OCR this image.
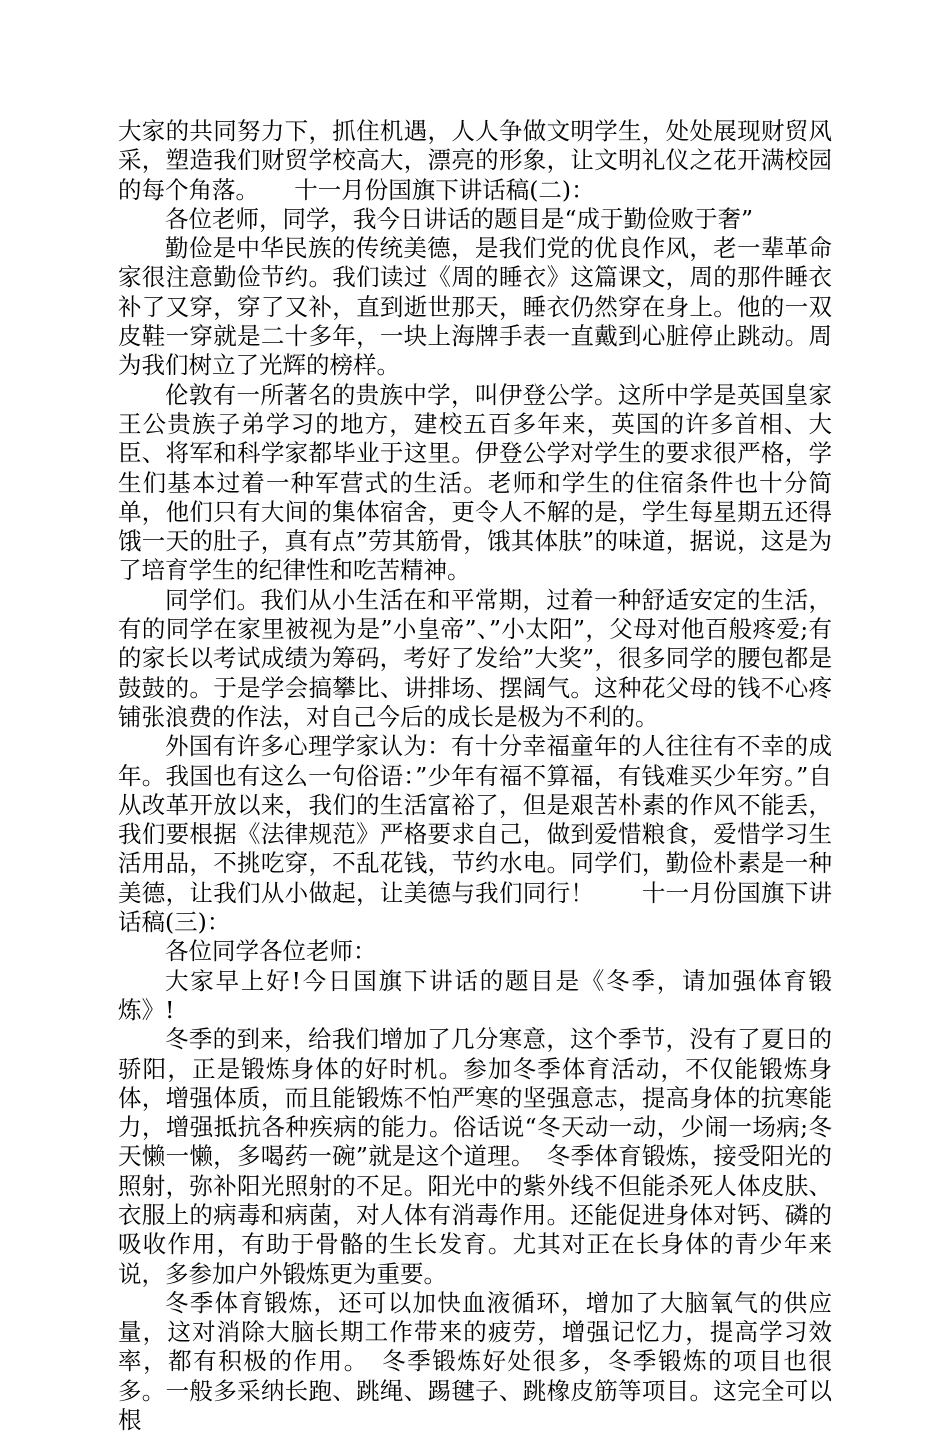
大家的共同努力下，抓住机遇，人人争做文明学生，处处展现财贸风采，塑造我们财贸学校高大，漂亮的形象，让文明礼仪之花开满校园的每个角落。　　十一月份国旗下讲话稿(二)：

各位老师，同学，我今日讲话的题目是“成于勤俭败于奢”

勤俭是中华民族的传统美德，是我们党的优良作风，老一辈革命家很注意勤俭节约。我们读过《周的睡衣》这篇课文，周的那件睡衣补了又穿，穿了又补，直到逝世那天，睡衣仍然穿在身上。他的一双皮鞋一穿就是二十多年，一块上海牌手表一直戴到心脏停止跳动。周为我们树立了光辉的榜样。

伦敦有一所著名的贵族中学，叫伊登公学。这所中学是英国皇家王公贵族子弟学习的地方，建校五百多年来，英国的许多首相、大臣、将军和科学家都毕业于这里。伊登公学对学生的要求很严格，学生们基本过着一种军营式的生活。老师和学生的住宿条件也十分简单，他们只有大间的集体宿舍，更令人不解的是，学生每星期五还得饿一天的肚子，真有点”劳其筋骨，饿其体肤”的味道，据说，这是为了培育学生的纪律性和吃苦精神。

同学们。我们从小生活在和平常期，过着一种舒适安定的生活，有的同学在家里被视为是”小皇帝”、”小太阳”，父母对他百般疼爱;有的家长以考试成绩为筹码，考好了发给”大奖”，很多同学的腰包都是鼓鼓的。于是学会搞攀比、讲排场、摆阔气。这种花父母的钱不心疼铺张浪费的作法，对自己今后的成长是极为不利的。

外国有许多心理学家认为：有十分幸福童年的人往往有不幸的成年。我国也有这么一句俗语：”少年有福不算福，有钱难买少年穷。”自从改革开放以来，我们的生活富裕了，但是艰苦朴素的作风不能丢，我们要根据《法律规范》严格要求自己，做到爱惜粮食，爱惜学习生活用品，不挑吃穿，不乱花钱，节约水电。同学们，勤俭朴素是一种美德，让我们从小做起，让美德与我们同行！　　十一月份国旗下讲话稿(三)：

各位同学各位老师：

大家早上好!今日国旗下讲话的题目是《冬季，请加强体育锻炼》!

冬季的到来，给我们增加了几分寒意，这个季节，没有了夏日的骄阳，正是锻炼身体的好时机。参加冬季体育活动，不仅能锻炼身体，增强体质，而且能锻炼不怕严寒的坚强意志，提高身体的抗寒能力，增强抵抗各种疾病的能力。俗话说“冬天动一动，少闹一场病;冬天懒一懒，多喝药一碗”就是这个道理。　冬季体育锻炼，接受阳光的照射，弥补阳光照射的不足。阳光中的紫外线不但能杀死人体皮肤、衣服上的病毒和病菌，对人体有消毒作用。还能促进身体对钙、磷的吸收作用，有助于骨骼的生长发育。尤其对正在长身体的青少年来说，多参加户外锻炼更为重要。

冬季体育锻炼，还可以加快血液循环，增加了大脑氧气的供应量，这对消除大脑长期工作带来的疲劳，增强记忆力，提高学习效率，都有积极的作用。　冬季锻炼好处很多，冬季锻炼的项目也很多。一般多采纳长跑、跳绳、踢毽子、跳橡皮筋等项目。这完全可以根
